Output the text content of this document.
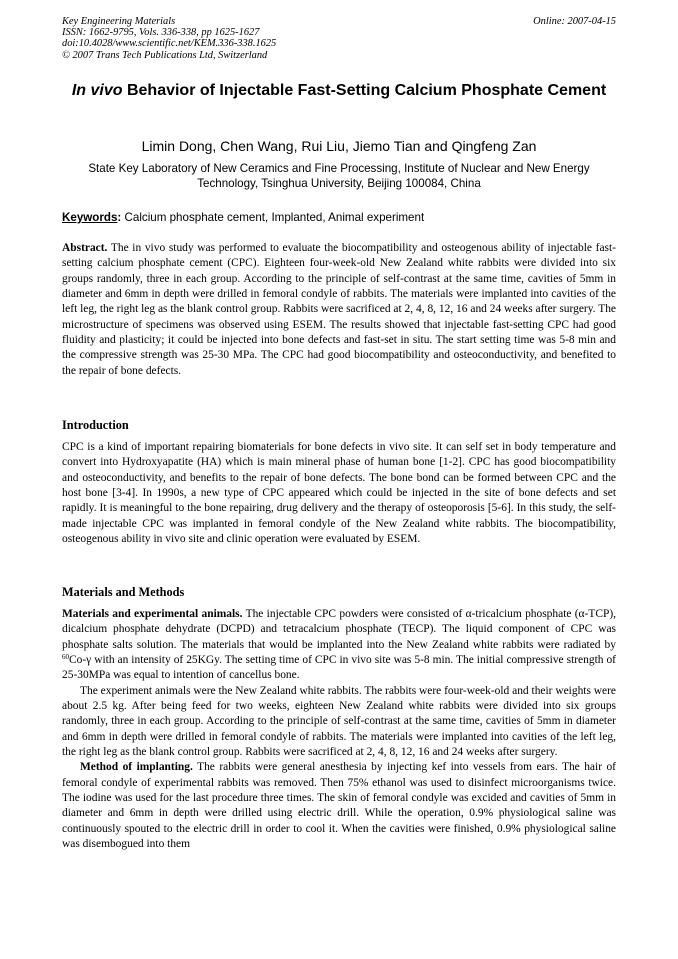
Key Engineering Materials
ISSN: 1662-9795, Vols. 336-338, pp 1625-1627
doi:10.4028/www.scientific.net/KEM.336-338.1625
© 2007 Trans Tech Publications Ltd, Switzerland
Online: 2007-04-15
In vivo Behavior of Injectable Fast-Setting Calcium Phosphate Cement
Limin Dong, Chen Wang, Rui Liu, Jiemo Tian and Qingfeng Zan
State Key Laboratory of New Ceramics and Fine Processing, Institute of Nuclear and New Energy Technology, Tsinghua University, Beijing 100084, China
Keywords: Calcium phosphate cement, Implanted, Animal experiment

Abstract. The in vivo study was performed to evaluate the biocompatibility and osteogenous ability of injectable fast-setting calcium phosphate cement (CPC). Eighteen four-week-old New Zealand white rabbits were divided into six groups randomly, three in each group. According to the principle of self-contrast at the same time, cavities of 5mm in diameter and 6mm in depth were drilled in femoral condyle of rabbits. The materials were implanted into cavities of the left leg, the right leg as the blank control group. Rabbits were sacrificed at 2, 4, 8, 12, 16 and 24 weeks after surgery. The microstructure of specimens was observed using ESEM. The results showed that injectable fast-setting CPC had good fluidity and plasticity; it could be injected into bone defects and fast-set in situ. The start setting time was 5-8 min and the compressive strength was 25-30 MPa. The CPC had good biocompatibility and osteoconductivity, and benefited to the repair of bone defects.

Introduction

CPC is a kind of important repairing biomaterials for bone defects in vivo site. It can self set in body temperature and convert into Hydroxyapatite (HA) which is main mineral phase of human bone [1-2]. CPC has good biocompatibility and osteoconductivity, and benefits to the repair of bone defects. The bone bond can be formed between CPC and the host bone [3-4]. In 1990s, a new type of CPC appeared which could be injected in the site of bone defects and set rapidly. It is meaningful to the bone repairing, drug delivery and the therapy of osteoporosis [5-6]. In this study, the self-made injectable CPC was implanted in femoral condyle of the New Zealand white rabbits. The biocompatibility, osteogenous ability in vivo site and clinic operation were evaluated by ESEM.

Materials and Methods

Materials and experimental animals. The injectable CPC powders were consisted of α-tricalcium phosphate (α-TCP), dicalcium phosphate dehydrate (DCPD) and tetracalcium phosphate (TECP). The liquid component of CPC was phosphate salts solution. The materials that would be implanted into the New Zealand white rabbits were radiated by $^{60}$Co-γ with an intensity of 25KGy. The setting time of CPC in vivo site was 5-8 min. The initial compressive strength of 25-30MPa was equal to intention of cancellus bone.

The experiment animals were the New Zealand white rabbits. The rabbits were four-week-old and their weights were about 2.5 kg. After being feed for two weeks, eighteen New Zealand white rabbits were divided into six groups randomly, three in each group. According to the principle of self-contrast at the same time, cavities of 5mm in diameter and 6mm in depth were drilled in femoral condyle of rabbits. The materials were implanted into cavities of the left leg, the right leg as the blank control group. Rabbits were sacrificed at 2, 4, 8, 12, 16 and 24 weeks after surgery.

Method of implanting. The rabbits were general anesthesia by injecting kef into vessels from ears. The hair of femoral condyle of experimental rabbits was removed. Then 75% ethanol was used to disinfect microorganisms twice. The iodine was used for the last procedure three times. The skin of femoral condyle was excided and cavities of 5mm in diameter and 6mm in depth were drilled using electric drill. While the operation, 0.9% physiological saline was continuously spouted to the electric drill in order to cool it. When the cavities were finished, 0.9% physiological saline was disembogued into them
